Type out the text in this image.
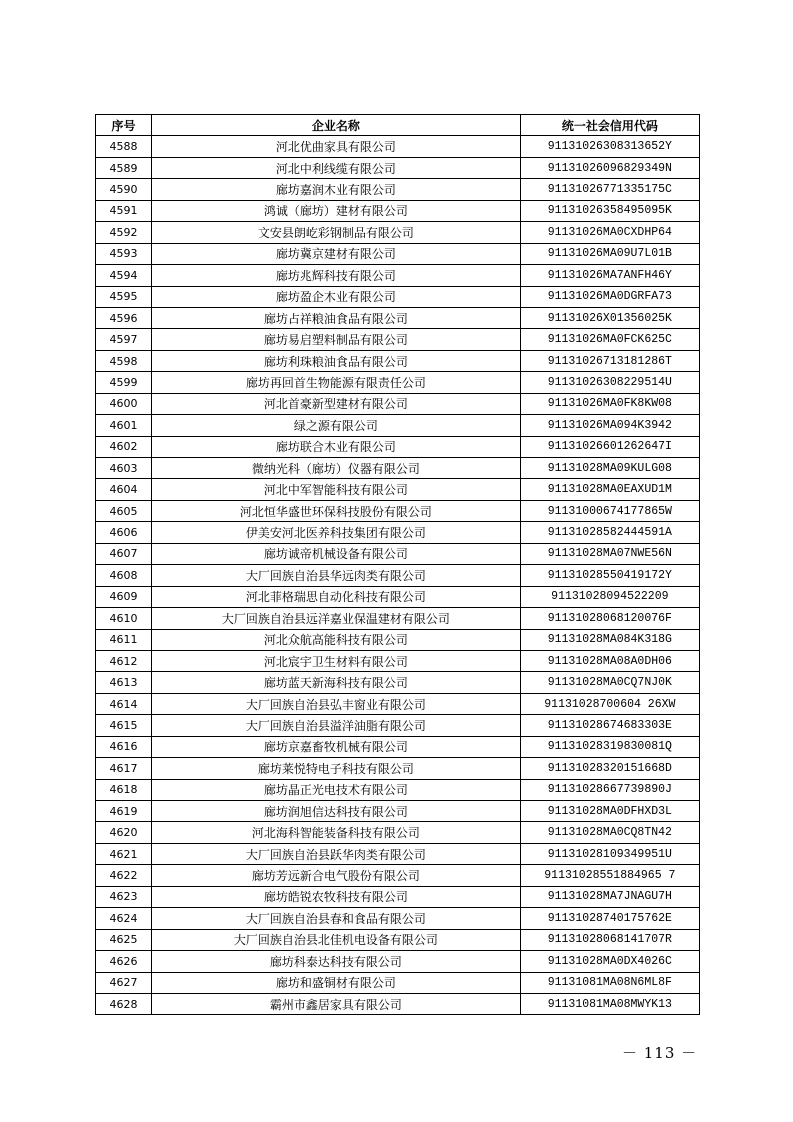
序号	企业名称	统一社会信用代码
4588	河北优曲家具有限公司	91131026308313652Y
4589	河北中利线缆有限公司	91131026096829349N
4590	廊坊嘉润木业有限公司	91131026771335175C
4591	鸿诚（廊坊）建材有限公司	91131026358495095K
4592	文安县朗屹彩钢制品有限公司	91131026MA0CXDHP64
4593	廊坊冀京建材有限公司	91131026MA09U7L01B
4594	廊坊兆辉科技有限公司	91131026MA7ANFH46Y
4595	廊坊盈企木业有限公司	91131026MA0DGRFA73
4596	廊坊占祥粮油食品有限公司	91131026X01356025K
4597	廊坊易启塑料制品有限公司	91131026MA0FCK625C
4598	廊坊利珠粮油食品有限公司	91131026713181286T
4599	廊坊再回首生物能源有限责任公司	91131026308229514U
4600	河北首豪新型建材有限公司	91131026MA0FK8KW08
4601	绿之源有限公司	91131026MA094K3942
4602	廊坊联合木业有限公司	91131026601262647I
4603	微纳光科（廊坊）仪器有限公司	91131028MA09KULG08
4604	河北中军智能科技有限公司	91131028MA0EAXUD1M
4605	河北恒华盛世环保科技股份有限公司	91131000674177865W
4606	伊美安河北医养科技集团有限公司	91131028582444591A
4607	廊坊诚帝机械设备有限公司	91131028MA07NWE56N
4608	大厂回族自治县华远肉类有限公司	91131028550419172Y
4609	河北菲格瑞思自动化科技有限公司	91131028094522209
4610	大厂回族自治县远洋嘉业保温建材有限公司	91131028068120076F
4611	河北众航高能科技有限公司	91131028MA084K318G
4612	河北宸宇卫生材料有限公司	91131028MA08A0DH06
4613	廊坊蓝天新海科技有限公司	91131028MA0CQ7NJ0K
4614	大厂回族自治县弘丰窗业有限公司	91131028700604 26XW
4615	大厂回族自治县溢洋油脂有限公司	91131028674683303E
4616	廊坊京嘉畜牧机械有限公司	91131028319830081Q
4617	廊坊莱悦特电子科技有限公司	91131028320151668D
4618	廊坊晶正光电技术有限公司	91131028667739890J
4619	廊坊润旭信达科技有限公司	91131028MA0DFHXD3L
4620	河北海科智能装备科技有限公司	91131028MA0CQ8TN42
4621	大厂回族自治县跃华肉类有限公司	91131028109349951U
4622	廊坊芳远新合电气股份有限公司	91131028551884965 7
4623	廊坊皓锐农牧科技有限公司	91131028MA7JNAGU7H
4624	大厂回族自治县春和食品有限公司	91131028740175762E
4625	大厂回族自治县北佳机电设备有限公司	91131028068141707R
4626	廊坊科泰达科技有限公司	91131028MA0DX4026C
4627	廊坊和盛铜材有限公司	91131081MA08N6ML8F
4628	霸州市鑫居家具有限公司	91131081MA08MWYK13
－ 113 －
